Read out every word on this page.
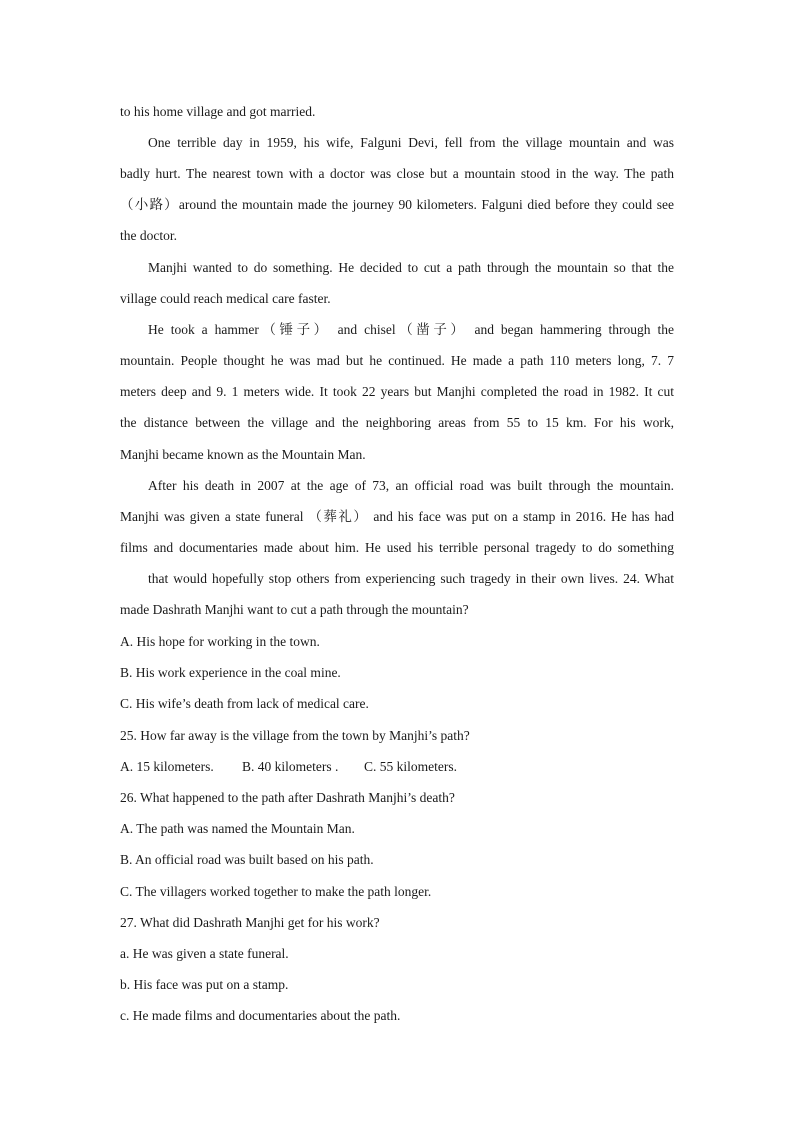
to his home village and got married.
One terrible day in 1959, his wife, Falguni Devi, fell from the village mountain and was
badly hurt. The nearest town with a doctor was close but a mountain stood in the way. The path
（小路）around the mountain made the journey 90 kilometers. Falguni died before they could see
the doctor.
Manjhi wanted to do something. He decided to cut a path through the mountain so that the
village could reach medical care faster.
He took a hammer（锤子） and chisel（凿子） and began hammering through the
mountain. People thought he was mad but he continued. He made a path 110 meters long, 7. 7
meters deep and 9. 1 meters wide. It took 22 years but Manjhi completed the road in 1982. It cut
the distance between the village and the neighboring areas from 55 to 15 km. For his work,
Manjhi became known as the Mountain Man.
After his death in 2007 at the age of 73, an official road was built through the mountain.
Manjhi was given a state funeral （葬礼） and his face was put on a stamp in 2016. He has had
films and documentaries made about him. He used his terrible personal tragedy to do something
that would hopefully stop others from experiencing such tragedy in their own lives. 24. What
made Dashrath Manjhi want to cut a path through the mountain?
A. His hope for working in the town.
B. His work experience in the coal mine.
C. His wife’s death from lack of medical care.
25. How far away is the village from the town by Manjhi’s path?
A. 15 kilometers. B. 40 kilometers . C. 55 kilometers.
26. What happened to the path after Dashrath Manjhi’s death?
A. The path was named the Mountain Man.
B. An official road was built based on his path.
C. The villagers worked together to make the path longer.
27. What did Dashrath Manjhi get for his work?
a. He was given a state funeral.
b. His face was put on a stamp.
c. He made films and documentaries about the path.
